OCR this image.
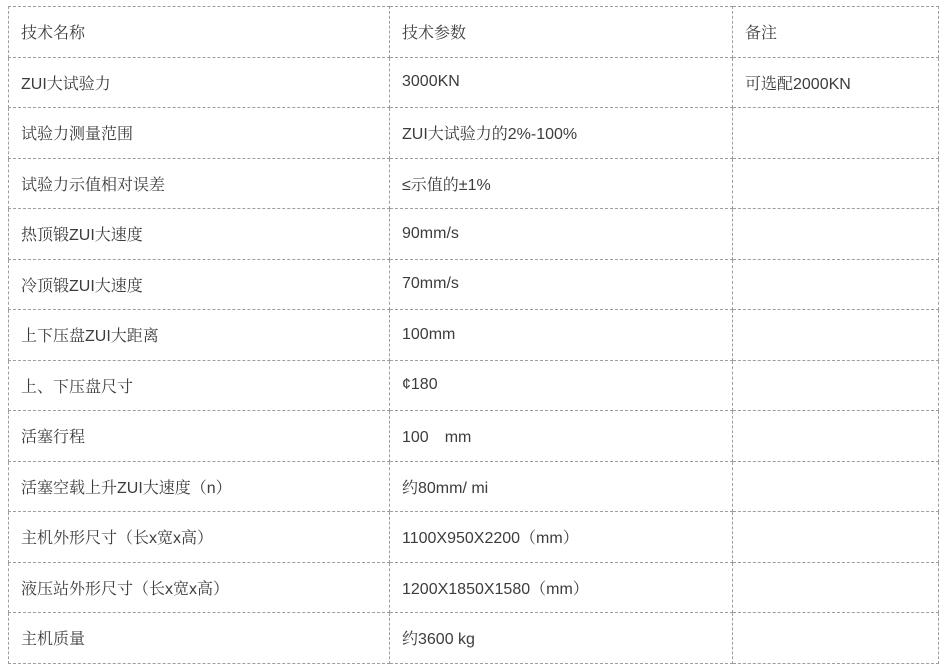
技术名称	技术参数	备注
ZUI大试验力	3000KN	可选配2000KN
试验力测量范围	ZUI大试验力的2%-100%	
试验力示值相对误差	≤示值的±1%	
热顶锻ZUI大速度	90mm/s	
冷顶锻ZUI大速度	70mm/s	
上下压盘ZUI大距离	100mm	
上、下压盘尺寸	¢180	
活塞行程	100　mm	
活塞空载上升ZUI大速度（n）	约80mm/ mi	
主机外形尺寸（长x宽x高）	1100X950X2200（mm）	
液压站外形尺寸（长x宽x高）	1200X1850X1580（mm）	
主机质量	约3600 kg	
